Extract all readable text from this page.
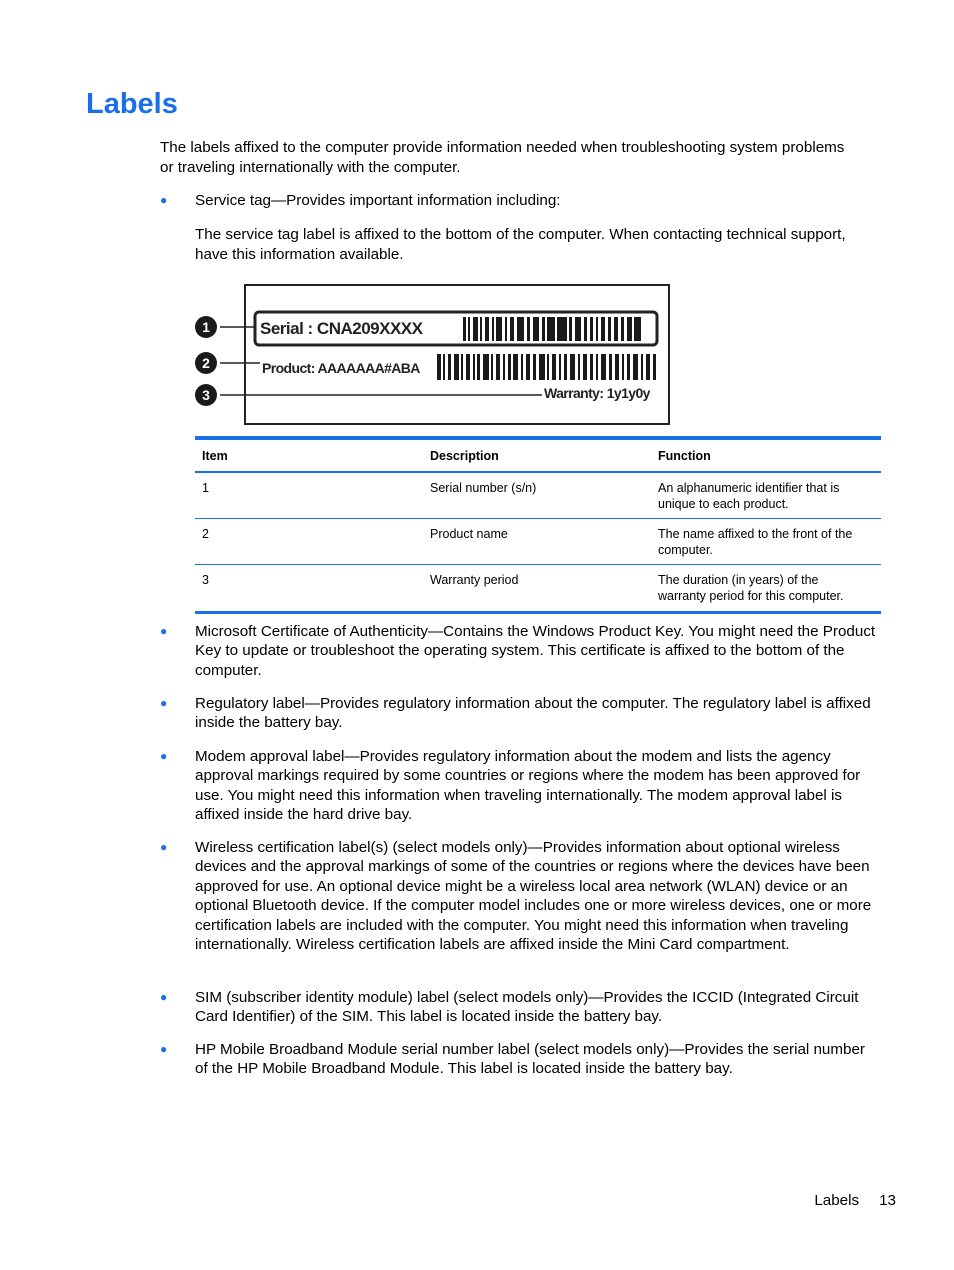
Labels

The labels affixed to the computer provide information needed when troubleshooting system problems or traveling internationally with the computer.

● Service tag—Provides important information including:
The service tag label is affixed to the bottom of the computer. When contacting technical support, have this information available.
1
2
3
Serial : CNA209XXXX
Product: AAAAAAA#ABA
Warranty: 1y1y0y
Item	Description	Function
1	Serial number (s/n)	An alphanumeric identifier that is unique to each product.
2	Product name	The name affixed to the front of the computer.
3	Warranty period	The duration (in years) of the warranty period for this computer.
● Microsoft Certificate of Authenticity—Contains the Windows Product Key. You might need the Product Key to update or troubleshoot the operating system. This certificate is affixed to the bottom of the computer.
● Regulatory label—Provides regulatory information about the computer. The regulatory label is affixed inside the battery bay.
● Modem approval label—Provides regulatory information about the modem and lists the agency approval markings required by some countries or regions where the modem has been approved for use. You might need this information when traveling internationally. The modem approval label is affixed inside the hard drive bay.
● Wireless certification label(s) (select models only)—Provides information about optional wireless devices and the approval markings of some of the countries or regions where the devices have been approved for use. An optional device might be a wireless local area network (WLAN) device or an optional Bluetooth device. If the computer model includes one or more wireless devices, one or more certification labels are included with the computer. You might need this information when traveling internationally. Wireless certification labels are affixed inside the Mini Card compartment.
● SIM (subscriber identity module) label (select models only)—Provides the ICCID (Integrated Circuit Card Identifier) of the SIM. This label is located inside the battery bay.
● HP Mobile Broadband Module serial number label (select models only)—Provides the serial number of the HP Mobile Broadband Module. This label is located inside the battery bay.
Labels 13
